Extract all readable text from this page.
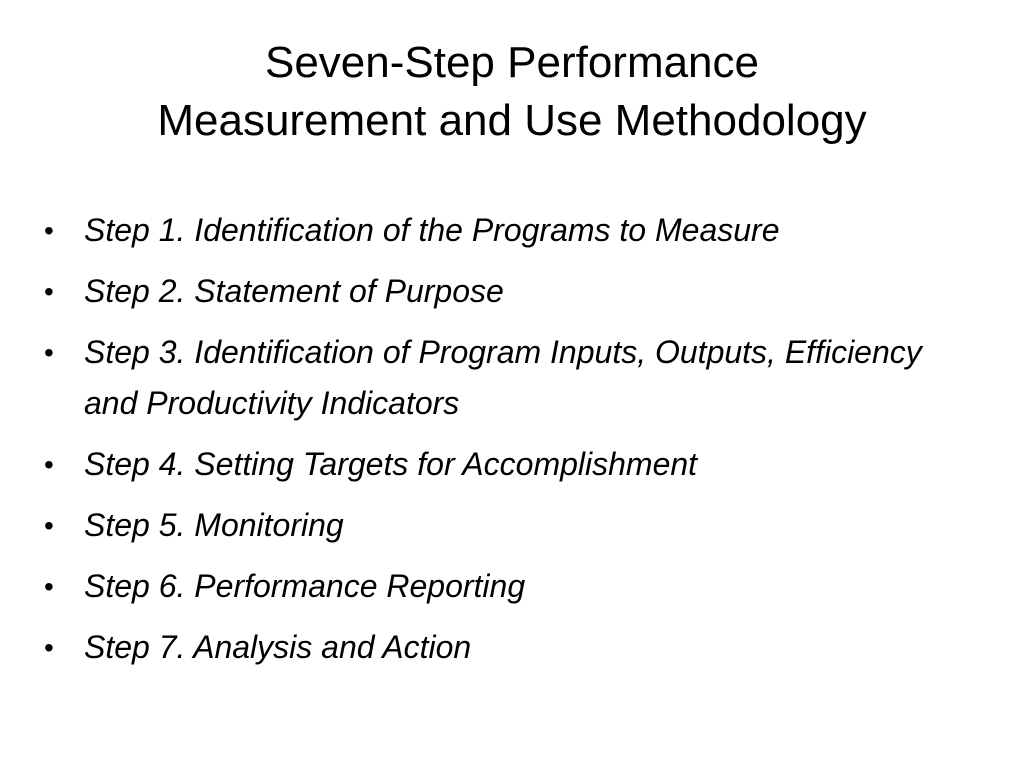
Seven-Step Performance
Measurement and Use Methodology
• Step 1. Identification of the Programs to Measure
• Step 2. Statement of Purpose
• Step 3. Identification of Program Inputs, Outputs, Efficiency and Productivity Indicators
• Step 4. Setting Targets for Accomplishment
• Step 5. Monitoring
• Step 6. Performance Reporting
• Step 7. Analysis and Action
